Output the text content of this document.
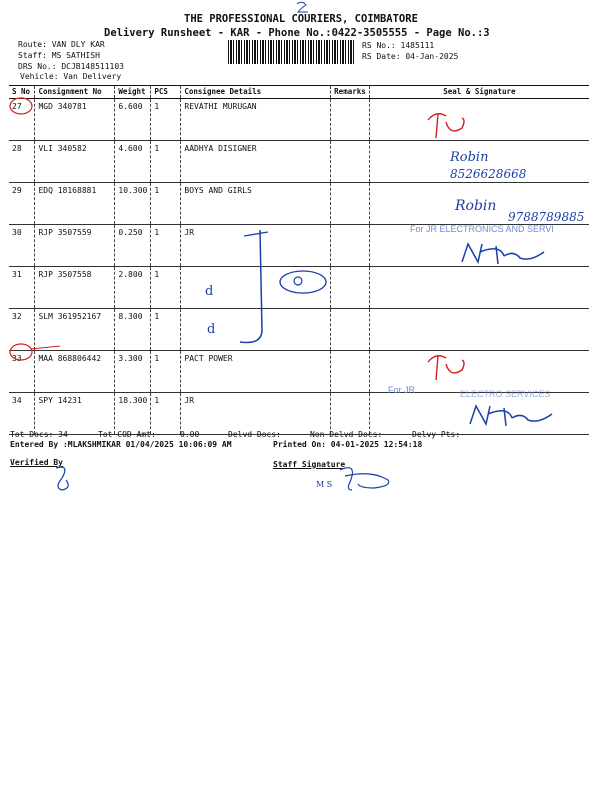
THE PROFESSIONAL COURIERS, COIMBATORE
Delivery Runsheet - KAR - Phone No.:0422-3505555 - Page No.:3
Route: VAN DLY KAR
Staff: MS SATHISH
DRS No.: DCJB148511103
Vehicle: Van Delivery
RS No.: 1485111
RS Date: 04-Jan-2025
S No	Consignment No	Weight	PCS	Consignee Details	Remarks	Seal & Signature
27	MGD 340781	6.600	1	REVATHI MURUGAN		
28	VLI 340582	4.600	1	AADHYA DISIGNER		
29	EDQ 18168881	10.300	1	BOYS AND GIRLS		
30	RJP 3507559	0.250	1	JR		
31	RJP 3507558	2.800	1			
32	SLM 361952167	8.300	1			
33	MAA 868806442	3.300	1	PACT POWER		
34	SPY 14231	18.300	1	JR		
Tot Docs: 34	Tot COD Amt:	0.00	Delvd Docs:	Non Delvd Docs:	Delvy Pts:
Entered By :MLAKSHMIKAR 01/04/2025 10:06:09 AM	Printed On: 04-01-2025 12:54:18
Verified By	Staff Signature
Robin
8526628668
Robin
9788789885
For JR ELECTRONICS AND SERVI
For JR	ELECTRO SERVICES
d
d
M S
